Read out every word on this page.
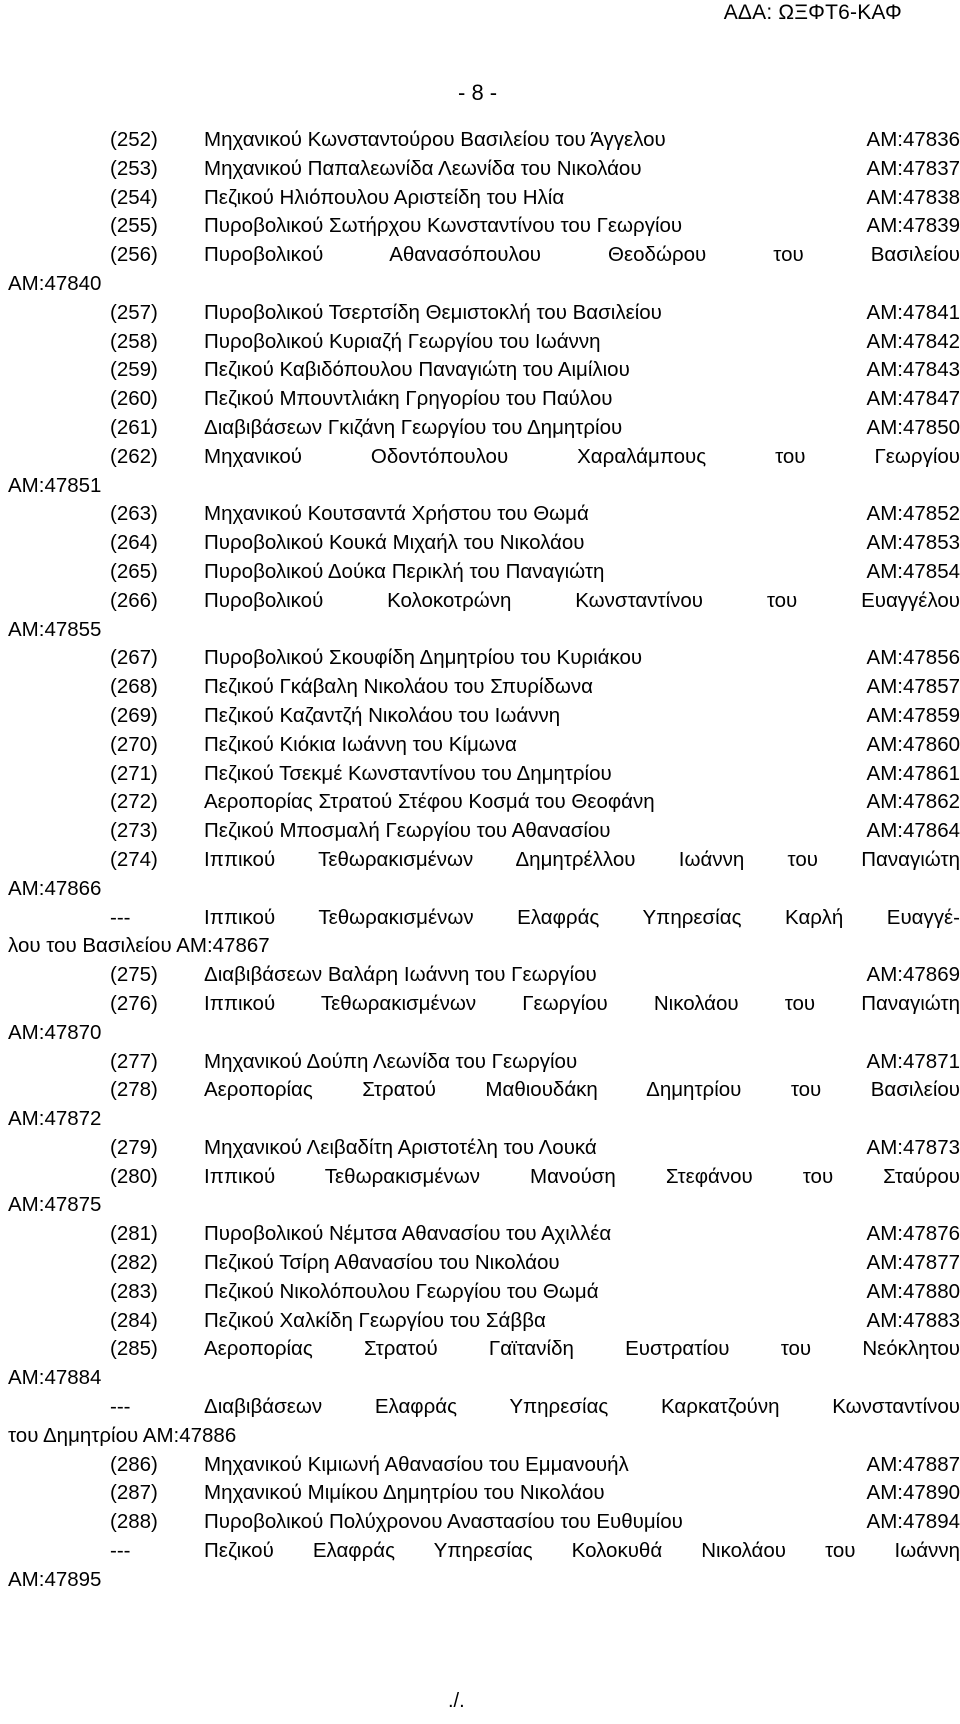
ΑΔΑ: ΩΞΦΤ6-ΚΑΦ
- 8 -
(252)	Μηχανικού Κωνσταντούρου Βασιλείου του Άγγελου	ΑΜ:47836
(253)	Μηχανικού Παπαλεωνίδα Λεωνίδα του Νικολάου	ΑΜ:47837
(254)	Πεζικού Ηλιόπουλου Αριστείδη του Ηλία	ΑΜ:47838
(255)	Πυροβολικού Σωτήρχου Κωνσταντίνου του Γεωργίου	ΑΜ:47839
(256)	Πυροβολικού Αθανασόπουλου Θεοδώρου του Βασιλείου
ΑΜ:47840
(257)	Πυροβολικού Τσερτσίδη Θεμιστοκλή του Βασιλείου	ΑΜ:47841
(258)	Πυροβολικού Κυριαζή Γεωργίου του Ιωάννη	ΑΜ:47842
(259)	Πεζικού Καβιδόπουλου Παναγιώτη του Αιμίλιου	ΑΜ:47843
(260)	Πεζικού Μπουντλιάκη Γρηγορίου του Παύλου	ΑΜ:47847
(261)	Διαβιβάσεων Γκιζάνη Γεωργίου του Δημητρίου	ΑΜ:47850
(262)	Μηχανικού Οδοντόπουλου Χαραλάμπους του Γεωργίου
ΑΜ:47851
(263)	Μηχανικού Κουτσαντά Χρήστου του Θωμά	ΑΜ:47852
(264)	Πυροβολικού Κουκά Μιχαήλ του Νικολάου	ΑΜ:47853
(265)	Πυροβολικού Δούκα Περικλή του Παναγιώτη	ΑΜ:47854
(266)	Πυροβολικού Κολοκοτρώνη Κωνσταντίνου του Ευαγγέλου
ΑΜ:47855
(267)	Πυροβολικού Σκουφίδη Δημητρίου του Κυριάκου	ΑΜ:47856
(268)	Πεζικού Γκάβαλη Νικολάου του Σπυρίδωνα	ΑΜ:47857
(269)	Πεζικού Καζαντζή Νικολάου του Ιωάννη	ΑΜ:47859
(270)	Πεζικού Κιόκια Ιωάννη του Κίμωνα	ΑΜ:47860
(271)	Πεζικού Τσεκμέ Κωνσταντίνου του Δημητρίου	ΑΜ:47861
(272)	Αεροπορίας Στρατού Στέφου Κοσμά του Θεοφάνη	ΑΜ:47862
(273)	Πεζικού Μποσμαλή Γεωργίου του Αθανασίου	ΑΜ:47864
(274)	Ιππικού Τεθωρακισμένων Δημητρέλλου Ιωάννη του Παναγιώτη
ΑΜ:47866
---	Ιππικού Τεθωρακισμένων Ελαφράς Υπηρεσίας Καρλή Ευαγγέ-
λου του Βασιλείου ΑΜ:47867
(275)	Διαβιβάσεων Βαλάρη Ιωάννη του Γεωργίου	ΑΜ:47869
(276)	Ιππικού Τεθωρακισμένων Γεωργίου Νικολάου του Παναγιώτη
ΑΜ:47870
(277)	Μηχανικού Δούπη Λεωνίδα του Γεωργίου	ΑΜ:47871
(278)	Αεροπορίας Στρατού Μαθιουδάκη Δημητρίου του Βασιλείου
ΑΜ:47872
(279)	Μηχανικού Λειβαδίτη Αριστοτέλη του Λουκά	ΑΜ:47873
(280)	Ιππικού Τεθωρακισμένων Μανούση Στεφάνου του Σταύρου
ΑΜ:47875
(281)	Πυροβολικού Νέμτσα Αθανασίου του Αχιλλέα	ΑΜ:47876
(282)	Πεζικού Τσίρη Αθανασίου του Νικολάου	ΑΜ:47877
(283)	Πεζικού Νικολόπουλου Γεωργίου του Θωμά	ΑΜ:47880
(284)	Πεζικού Χαλκίδη Γεωργίου του Σάββα	ΑΜ:47883
(285)	Αεροπορίας Στρατού Γαϊτανίδη Ευστρατίου του Νεόκλητου
ΑΜ:47884
---	Διαβιβάσεων Ελαφράς Υπηρεσίας Καρκατζούνη Κωνσταντίνου
του Δημητρίου ΑΜ:47886
(286)	Μηχανικού Κιμιωνή Αθανασίου του Εμμανουήλ	ΑΜ:47887
(287)	Μηχανικού Μιμίκου Δημητρίου του Νικολάου	ΑΜ:47890
(288)	Πυροβολικού Πολύχρονου Αναστασίου του Ευθυμίου	ΑΜ:47894
---	Πεζικού Ελαφράς Υπηρεσίας Κολοκυθά Νικολάου του Ιωάννη
ΑΜ:47895
./.
